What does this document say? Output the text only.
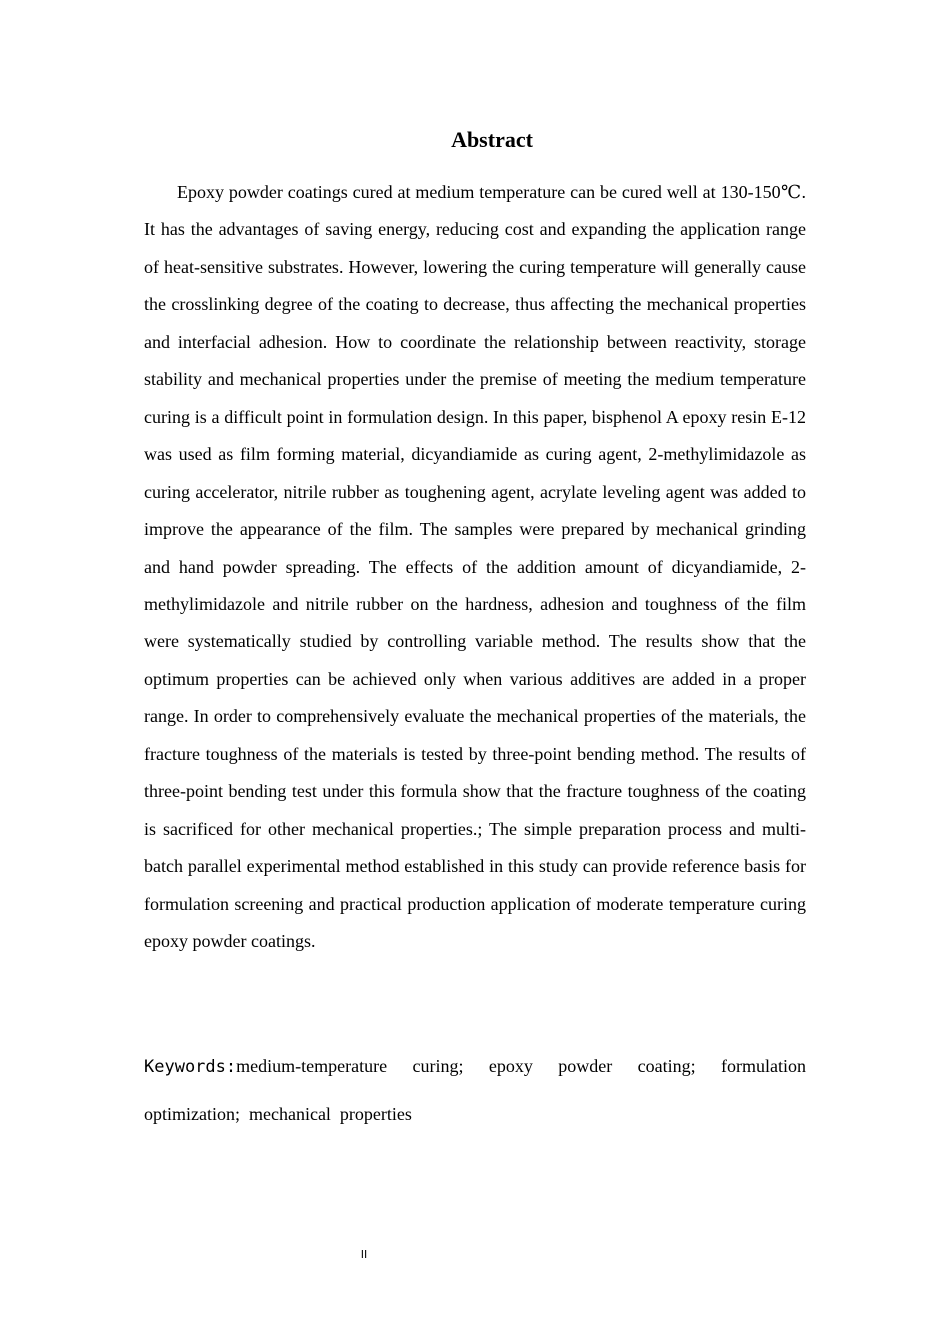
Abstract

Epoxy powder coatings cured at medium temperature can be cured well at 130-150℃. It has the advantages of saving energy, reducing cost and expanding the application range of heat-sensitive substrates. However, lowering the curing temperature will generally cause the crosslinking degree of the coating to decrease, thus affecting the mechanical properties and interfacial adhesion. How to coordinate the relationship between reactivity, storage stability and mechanical properties under the premise of meeting the medium temperature curing is a difficult point in formulation design. In this paper, bisphenol A epoxy resin E-12 was used as film forming material, dicyandiamide as curing agent, 2-methylimidazole as curing accelerator, nitrile rubber as toughening agent, acrylate leveling agent was added to improve the appearance of the film. The samples were prepared by mechanical grinding and hand powder spreading. The effects of the addition amount of dicyandiamide, 2-methylimidazole and nitrile rubber on the hardness, adhesion and toughness of the film were systematically studied by controlling variable method. The results show that the optimum properties can be achieved only when various additives are added in a proper range. In order to comprehensively evaluate the mechanical properties of the materials, the fracture toughness of the materials is tested by three-point bending method. The results of three-point bending test under this formula show that the fracture toughness of the coating is sacrificed for other mechanical properties.; The simple preparation process and multi-batch parallel experimental method established in this study can provide reference basis for formulation screening and practical production application of moderate temperature curing epoxy powder coatings.

Keywords:medium-temperature curing; epoxy powder coating; formulation optimization;  mechanical  properties

II
